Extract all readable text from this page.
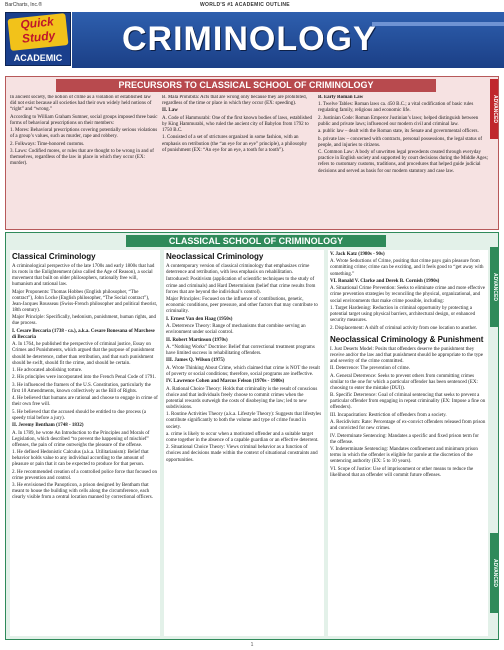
BarCharts, Inc.®	WORLD'S #1 ACADEMIC OUTLINE
Quick Study
ACADEMIC CRIMINOLOGY
PRECURSORS TO CLASSICAL SCHOOL OF CRIMINOLOGY

In ancient society, the notion of crime as a violation of established law did not exist because all societies had their own widely held notions of “right” and “wrong.”

According to William Graham Sumner, social groups imposed three basic forms of behavioral prescriptions on their members:

1. Mores: Behavioral prescriptions covering potentially serious violations of a group’s values, such as murder, rape and robbery.

2. Folkways: Time-honored customs.

3. Laws: Codified mores, or rules that are thought to be wrong in and of themselves, regardless of the law in place in which they occur (EX: murder).

B. Mala Prohibita: Acts that are wrong only because they are prohibited, regardless of the time or place in which they occur (EX: speeding).

II. Law

A. Code of Hammurabi: One of the first known bodies of laws, established by King Hammurabi, who ruled the ancient city of Babylon from 1792 to 1750 B.C.

1. Consisted of a set of strictures organized in some fashion, with an emphasis on retribution (the “an eye for an eye” principle), a philosophy of punishment (EX: “An eye for an eye, a tooth for a tooth”).

B. Early Roman Law

1. Twelve Tables: Roman laws ca. 450 B.C.; a vital codification of basic rules regulating family, religious and economic life.

2. Justinian Code: Roman Emperor Justinian’s laws; helped distinguish between public and private laws; influenced our modern civil and criminal law.

a. public law – dealt with the Roman state, its Senate and governmental officers.

b. private law – concerned with contracts, personal possessions, the legal status of people, and injuries to citizens.

C. Common Law: A body of unwritten legal precedents created through everyday practice in English society and supported by court decisions during the Middle Ages; refers to customary customs, traditions, and procedures that helped guide judicial decisions and served as basis for our modern statutory and case law.

ADVANCED
CLASSICAL SCHOOL OF CRIMINOLOGY
Classical Criminology

A criminological perspective of the late 1700s and early 1800s that had its roots in the Enlightenment (also called the Age of Reason), a social movement that built on older philosophers, rationally free will, humanism and rational law.

Major Proponents: Thomas Hobbes (English philosopher, “The contract”), John Locke (English philosopher, “The Social contract”), Jean-Jacques Rousseau (Swiss-French philosopher and political theorist, 18th century).

Major Principle: Specifically, hedonism, punishment, human rights, and due process.

I. Cesare Beccaria (1738 - ca.), a.k.a. Cesare Bonesana of Marchese di Beccaria

A. In 1764, he published the perspective of criminal justice, Essay on Crimes and Punishments, which argued that the purpose of punishment should be deterrence, rather than retribution, and that such punishment should be swift, should fit the crime, and should be certain.

1. He advocated abolishing torture.

2. His principles were incorporated into the French Penal Code of 1791.

3. He influenced the framers of the U.S. Constitution, particularly the first 10 Amendments, known collectively as the Bill of Rights.

4. He believed that humans are rational and choose to engage in crime of their own free will.

5. He believed that the accused should be entitled to due process (a speedy trial before a jury).

II. Jeremy Bentham (1748 - 1832)

A. In 1789, he wrote An Introduction to the Principles and Morals of Legislation, which described “to prevent the happening of mischief” offenses, the pain of crime outweighs the pleasure of the offense.

1. He defined Hedonistic Calculus (a.k.a. Utilitarianism): Belief that behavior holds value to any individual according to the amount of pleasure or pain that it can be expected to produce for that person.

2. He recommended creation of a controlled police force that focused on crime prevention and control.

3. He envisioned the Panopticon, a prison designed by Bentham that meant to house the building with cells along the circumference, each clearly visible from a central location manned by correctional officers.

Neoclassical Criminology

A contemporary version of classical criminology that emphasizes crime deterrence and retribution, with less emphasis on rehabilitation.

Introduced: Positivism (application of scientific techniques to the study of crime and criminals) and Hard Determinism (belief that crime results from forces that are beyond the individual’s control).

Major Principles: Focused on the influence of contributions, genetic, economic conditions, peer pressure, and other factors that may contribute to criminality.

I. Ernest Van den Haag (1950s)

A. Deterrence Theory: Range of mechanisms that combine serving an environment under social control.

II. Robert Martinson (1970s)

A. “Nothing Works” Doctrine: Belief that correctional treatment programs have limited success in rehabilitating offenders.

III. James Q. Wilson (1975)

A. Wrote Thinking About Crime, which claimed that crime is NOT the result of poverty or social conditions; therefore, social programs are ineffective.

IV. Lawrence Cohen and Marcus Felson (1970s - 1980s)

A. Rational Choice Theory: Holds that criminality is the result of conscious choice and that individuals freely choose to commit crimes when the potential rewards outweigh the costs of disobeying the law; led to new subdivisions.

1. Routine Activities Theory (a.k.a. Lifestyle Theory): Suggests that lifestyles contribute significantly to both the volume and type of crime found in society.

a. crime is likely to occur when a motivated offender and a suitable target come together in the absence of a capable guardian or an effective deterrent.

2. Situational Choice Theory: Views criminal behavior as a function of choices and decisions made within the context of situational constraints and opportunities.

V. Jack Katz (1980s - 90s)

A. Wrote Seductions of Crime, positing that crime pays gain pleasure from committing crime; crime can be exciting, and it feels good to “get away with something.”

VI. Ronald V. Clarke and Derek B. Cornish (1990s)

A. Situational Crime Prevention: Seeks to eliminate crime and more effective crime prevention strategies by reconciling the physical, organizational, and social environments that make crime possible, including:

1. Target Hardening: Reduction in criminal opportunity by protecting a potential target using physical barriers, architectural design, or enhanced security measures.

2. Displacement: A shift of criminal activity from one location to another.

Neoclassical Criminology & Punishment

I. Just Deserts Model: Posits that offenders deserve the punishment they receive and/or the law and that punishment should be appropriate to the type and severity of the crime committed.

II. Deterrence: The prevention of crime.

A. General Deterrence: Seeks to prevent others from committing crimes similar to the one for which a particular offender has been sentenced (EX: choosing to enter the mistake (DUI)).

B. Specific Deterrence: Goal of criminal sentencing that seeks to prevent a particular offender from engaging in repeat criminality (EX: Impose a fine on offenders).

III. Incapacitation: Restriction of offenders from a society.

A. Recidivism: Rate: Percentage of ex-convict offenders released from prison and convicted for new crimes.

IV. Determinate Sentencing: Mandates a specific and fixed prison term for the offense.

V. Indeterminate Sentencing: Mandates confinement and minimum prison terms in which the offender is eligible for parole at the discretion of the sentencing authority (EX: 5 to 10 years).

VI. Scope of Justice: Use of imprisonment or other means to reduce the likelihood that an offender will commit future offenses.

ADVANCED
ADVANCED
1
